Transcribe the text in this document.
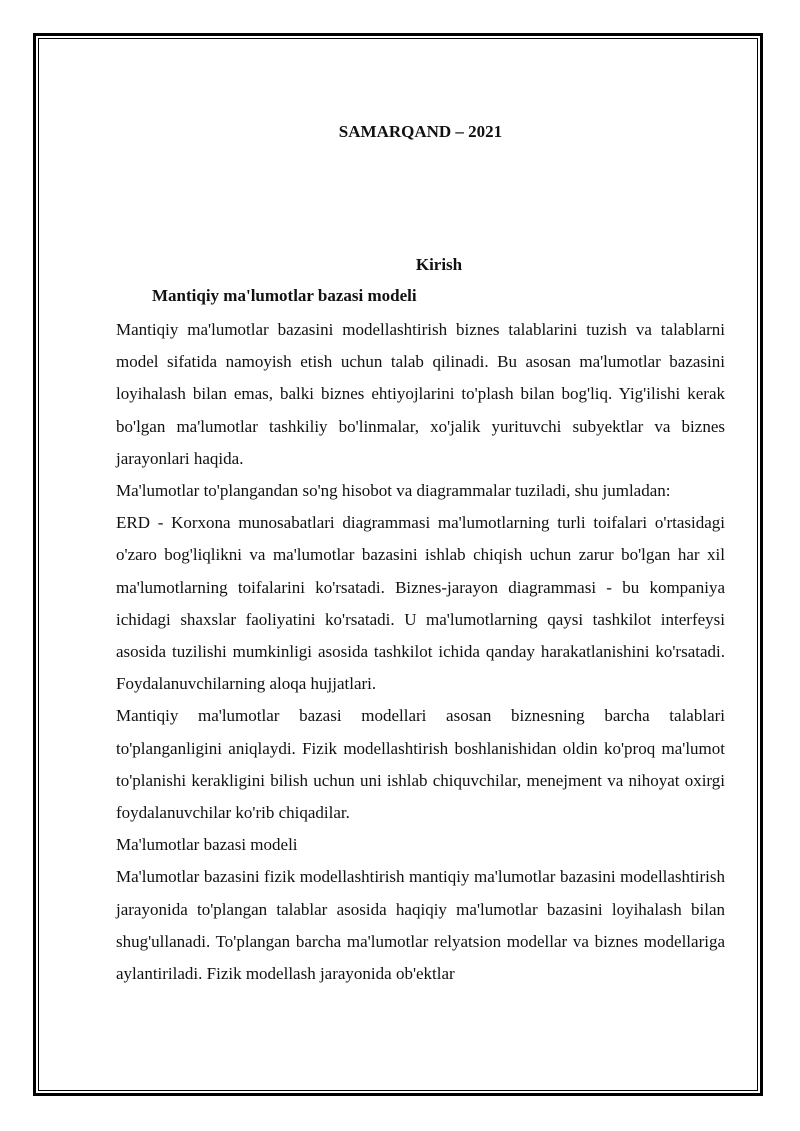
SAMARQAND – 2021
Kirish
Mantiqiy ma'lumotlar bazasi modeli

Mantiqiy ma'lumotlar bazasini modellashtirish biznes talablarini tuzish va talablarni model sifatida namoyish etish uchun talab qilinadi. Bu asosan ma'lumotlar bazasini loyihalash bilan emas, balki biznes ehtiyojlarini to'plash bilan bog'liq. Yig'ilishi kerak bo'lgan ma'lumotlar tashkiliy bo'linmalar, xo'jalik yurituvchi subyektlar va biznes jarayonlari haqida.

Ma'lumotlar to'plangandan so'ng hisobot va diagrammalar tuziladi, shu jumladan:

ERD - Korxona munosabatlari diagrammasi ma'lumotlarning turli toifalari o'rtasidagi o'zaro bog'liqlikni va ma'lumotlar bazasini ishlab chiqish uchun zarur bo'lgan har xil ma'lumotlarning toifalarini ko'rsatadi. Biznes-jarayon diagrammasi - bu kompaniya ichidagi shaxslar faoliyatini ko'rsatadi. U ma'lumotlarning qaysi tashkilot interfeysi asosida tuzilishi mumkinligi asosida tashkilot ichida qanday harakatlanishini ko'rsatadi. Foydalanuvchilarning aloqa hujjatlari.

Mantiqiy ma'lumotlar bazasi modellari asosan biznesning barcha talablari to'planganligini aniqlaydi. Fizik modellashtirish boshlanishidan oldin ko'proq ma'lumot to'planishi kerakligini bilish uchun uni ishlab chiquvchilar, menejment va nihoyat oxirgi foydalanuvchilar ko'rib chiqadilar.

Ma'lumotlar bazasi modeli

Ma'lumotlar bazasini fizik modellashtirish mantiqiy ma'lumotlar bazasini modellashtirish jarayonida to'plangan talablar asosida haqiqiy ma'lumotlar bazasini loyihalash bilan shug'ullanadi. To'plangan barcha ma'lumotlar relyatsion modellar va biznes modellariga aylantiriladi. Fizik modellash jarayonida ob'ektlar
